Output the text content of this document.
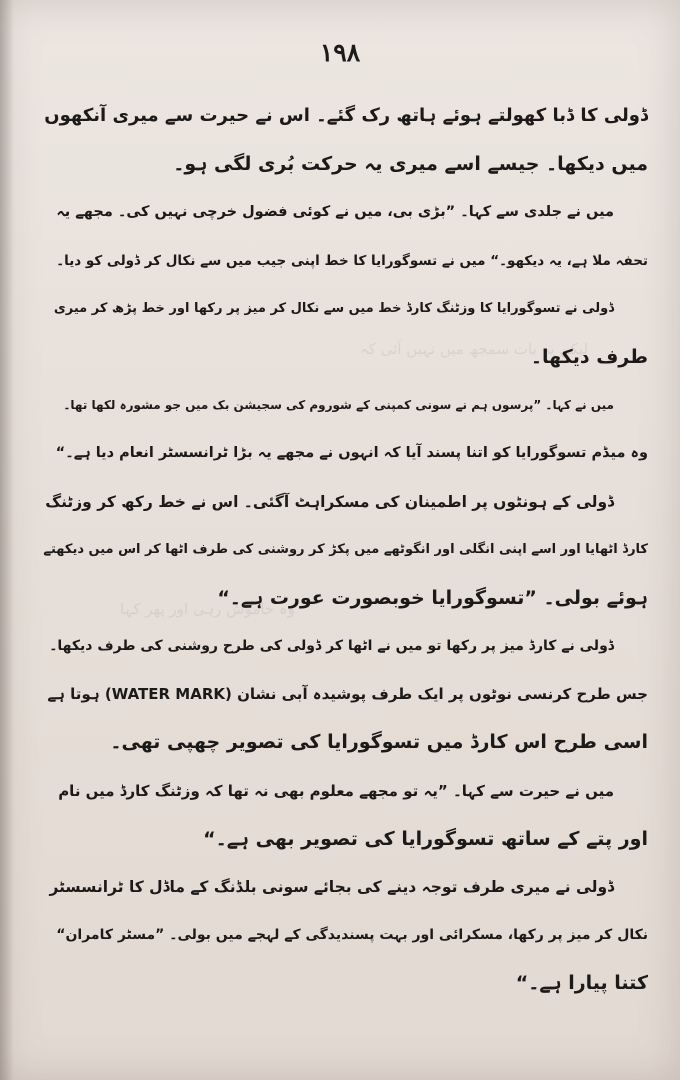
لیکن یہ بات سمجھ میں نہیں آئی کہ
وہ خاموش رہی اور پھر کہا
۱۹۸
ڈولی کا ڈبا کھولتے ہوئے ہاتھ رک گئے۔ اس نے حیرت سے میری آنکھوں
میں دیکھا۔ جیسے اسے میری یہ حرکت بُری لگی ہو۔
میں نے جلدی سے کہا۔ ”بڑی بی، میں نے کوئی فضول خرچی نہیں کی۔ مجھے یہ
تحفہ ملا ہے، یہ دیکھو۔“ میں نے تسوگورایا کا خط اپنی جیب میں سے نکال کر ڈولی کو دیا۔
ڈولی نے تسوگورایا کا وزٹنگ کارڈ خط میں سے نکال کر میز پر رکھا اور خط پڑھ کر میری
طرف دیکھا۔
میں نے کہا۔ ”پرسوں ہم نے سونی کمپنی کے شوروم کی سجیشن بک میں جو مشورہ لکھا تھا۔
وہ میڈم تسوگورایا کو اتنا پسند آیا کہ انہوں نے مجھے یہ بڑا ٹرانسسٹر انعام دیا ہے۔“
ڈولی کے ہونٹوں پر اطمینان کی مسکراہٹ آگئی۔ اس نے خط رکھ کر وزٹنگ
کارڈ اٹھایا اور اسے اپنی انگلی اور انگوٹھے میں پکڑ کر روشنی کی طرف اٹھا کر اس میں دیکھتے
ہوئے بولی۔ ”تسوگورایا خوبصورت عورت ہے۔“
ڈولی نے کارڈ میز پر رکھا تو میں نے اٹھا کر ڈولی کی طرح روشنی کی طرف دیکھا۔
جس طرح کرنسی نوٹوں پر ایک طرف پوشیدہ آبی نشان (WATER MARK) ہوتا ہے
اسی طرح اس کارڈ میں تسوگورایا کی تصویر چھپی تھی۔
میں نے حیرت سے کہا۔ ”یہ تو مجھے معلوم بھی نہ تھا کہ وزٹنگ کارڈ میں نام
اور پتے کے ساتھ تسوگورایا کی تصویر بھی ہے۔“
ڈولی نے میری طرف توجہ دینے کی بجائے سونی بلڈنگ کے ماڈل کا ٹرانسسٹر
نکال کر میز پر رکھا، مسکرائی اور بہت پسندیدگی کے لہجے میں بولی۔ ”مسٹر کامران“
کتنا پیارا ہے۔“
